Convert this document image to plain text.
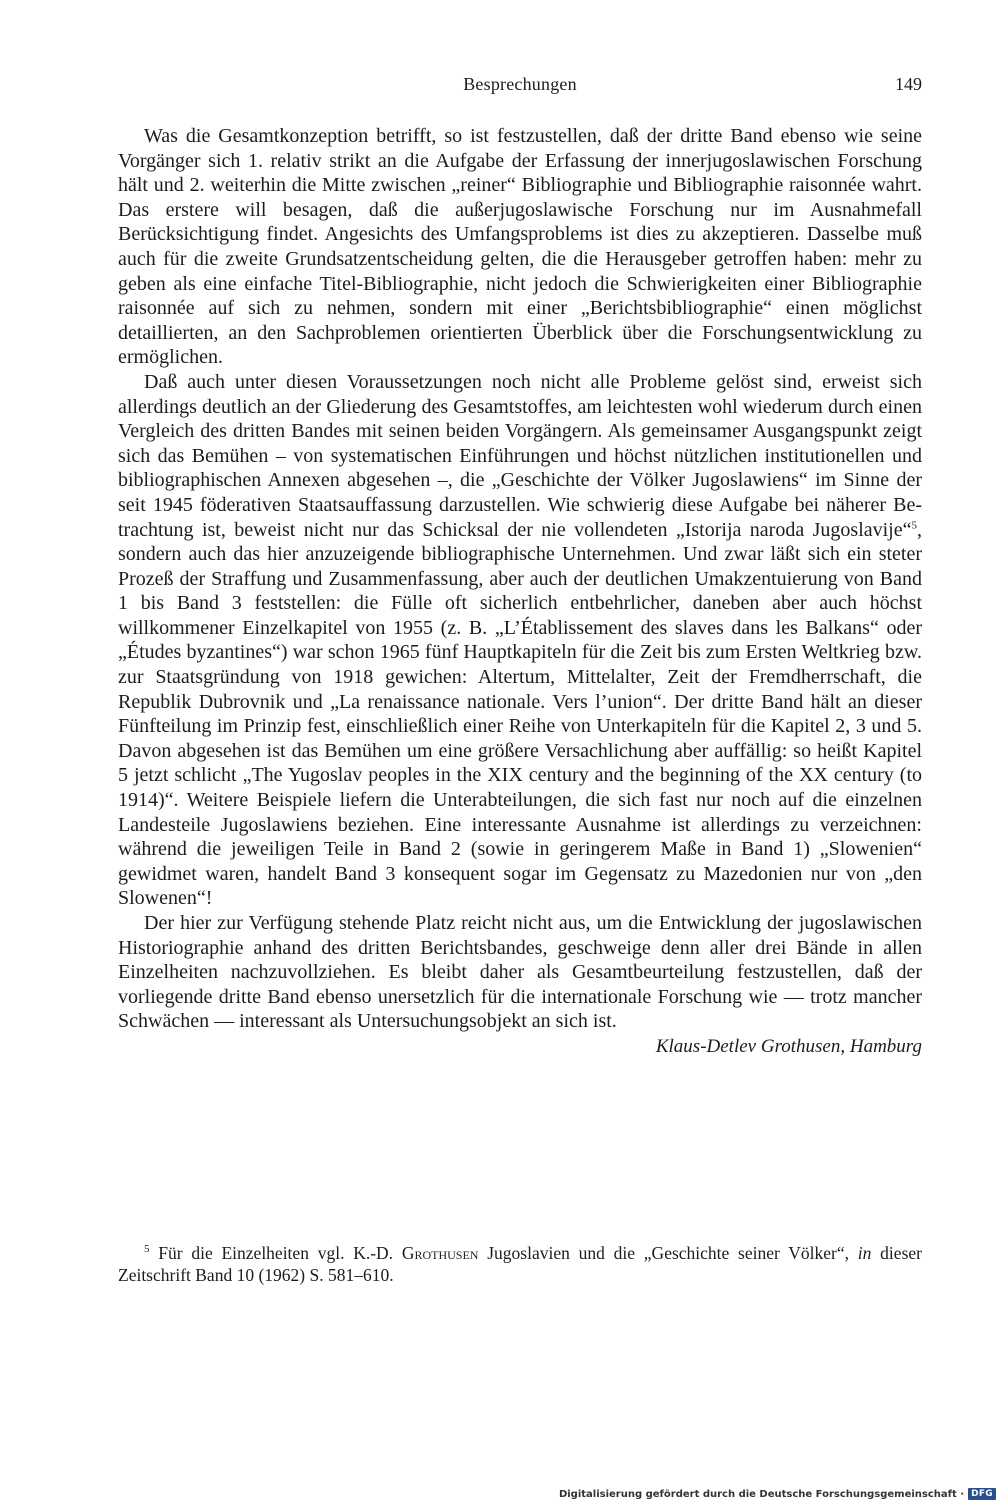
Besprechungen	149

Was die Gesamtkonzeption betrifft, so ist festzustellen, daß der dritte Band ebenso wie seine Vorgänger sich 1. relativ strikt an die Aufgabe der Erfassung der innerjugoslawischen Forschung hält und 2. weiterhin die Mitte zwischen „reiner“ Bibliographie und Bibliographie raisonnée wahrt. Das erstere will besagen, daß die außerjugoslawische Forschung nur im Ausnahmefall Berücksichtigung findet. Angesichts des Umfangsproblems ist dies zu akzeptieren. Dasselbe muß auch für die zweite Grundsatzentscheidung gelten, die die Herausgeber getroffen haben: mehr zu geben als eine einfache Titel-Bibliographie, nicht jedoch die Schwierigkeiten einer Bibliographie raisonnée auf sich zu nehmen, sondern mit einer „Berichtsbibliographie“ einen möglichst detaillierten, an den Sachproblemen orientierten Überblick über die Forschungsentwicklung zu ermöglichen.

Daß auch unter diesen Voraussetzungen noch nicht alle Probleme gelöst sind, erweist sich allerdings deutlich an der Gliederung des Gesamtstoffes, am leichtesten wohl wiederum durch einen Vergleich des dritten Bandes mit seinen beiden Vorgängern. Als gemeinsamer Ausgangspunkt zeigt sich das Bemühen – von systematischen Einführungen und höchst nützlichen institutionellen und bibliographischen Annexen abgesehen –, die „Geschichte der Völker Jugoslawiens“ im Sinne der seit 1945 föderativen Staatsauffassung darzustellen. Wie schwierig diese Aufgabe bei näherer Betrachtung ist, beweist nicht nur das Schicksal der nie vollendeten „Istorija naroda Jugoslavije“$^5$, sondern auch das hier anzuzeigende bibliographische Unternehmen. Und zwar läßt sich ein steter Prozeß der Straffung und Zusammenfassung, aber auch der deutlichen Umakzentuierung von Band 1 bis Band 3 feststellen: die Fülle oft sicherlich entbehrlicher, daneben aber auch höchst willkommener Einzelkapitel von 1955 (z. B. „L’Établissement des slaves dans les Balkans“ oder „Études byzantines“) war schon 1965 fünf Hauptkapiteln für die Zeit bis zum Ersten Weltkrieg bzw. zur Staatsgründung von 1918 gewichen: Altertum, Mittelalter, Zeit der Fremdherrschaft, die Republik Dubrovnik und „La renaissance nationale. Vers l’union“. Der dritte Band hält an dieser Fünfteilung im Prinzip fest, einschließlich einer Reihe von Unterkapiteln für die Kapitel 2, 3 und 5. Davon abgesehen ist das Bemühen um eine größere Versachlichung aber auffällig: so heißt Kapitel 5 jetzt schlicht „The Yugoslav peoples in the XIX century and the beginning of the XX century (to 1914)“. Weitere Beispiele liefern die Unterabteilungen, die sich fast nur noch auf die einzelnen Landesteile Jugoslawiens beziehen. Eine interessante Ausnahme ist allerdings zu verzeichnen: während die jeweiligen Teile in Band 2 (sowie in geringerem Maße in Band 1) „Slowenien“ gewidmet waren, handelt Band 3 konsequent sogar im Gegensatz zu Mazedonien nur von „den Slowenen“!

Der hier zur Verfügung stehende Platz reicht nicht aus, um die Entwicklung der jugoslawischen Historiographie anhand des dritten Berichtsbandes, geschweige denn aller drei Bände in allen Einzelheiten nachzuvollziehen. Es bleibt daher als Gesamtbeurteilung festzustellen, daß der vorliegende dritte Band ebenso unersetzlich für die internationale Forschung wie — trotz mancher Schwächen — interessant als Untersuchungsobjekt an sich ist.

Klaus-Detlev Grothusen, Hamburg

$^5$ Für die Einzelheiten vgl. K.-D. Grothusen Jugoslavien und die „Geschichte seiner Völker“, in dieser Zeitschrift Band 10 (1962) S. 581–610.
Digitalisierung gefördert durch die Deutsche Forschungsgemeinschaft · DFG
